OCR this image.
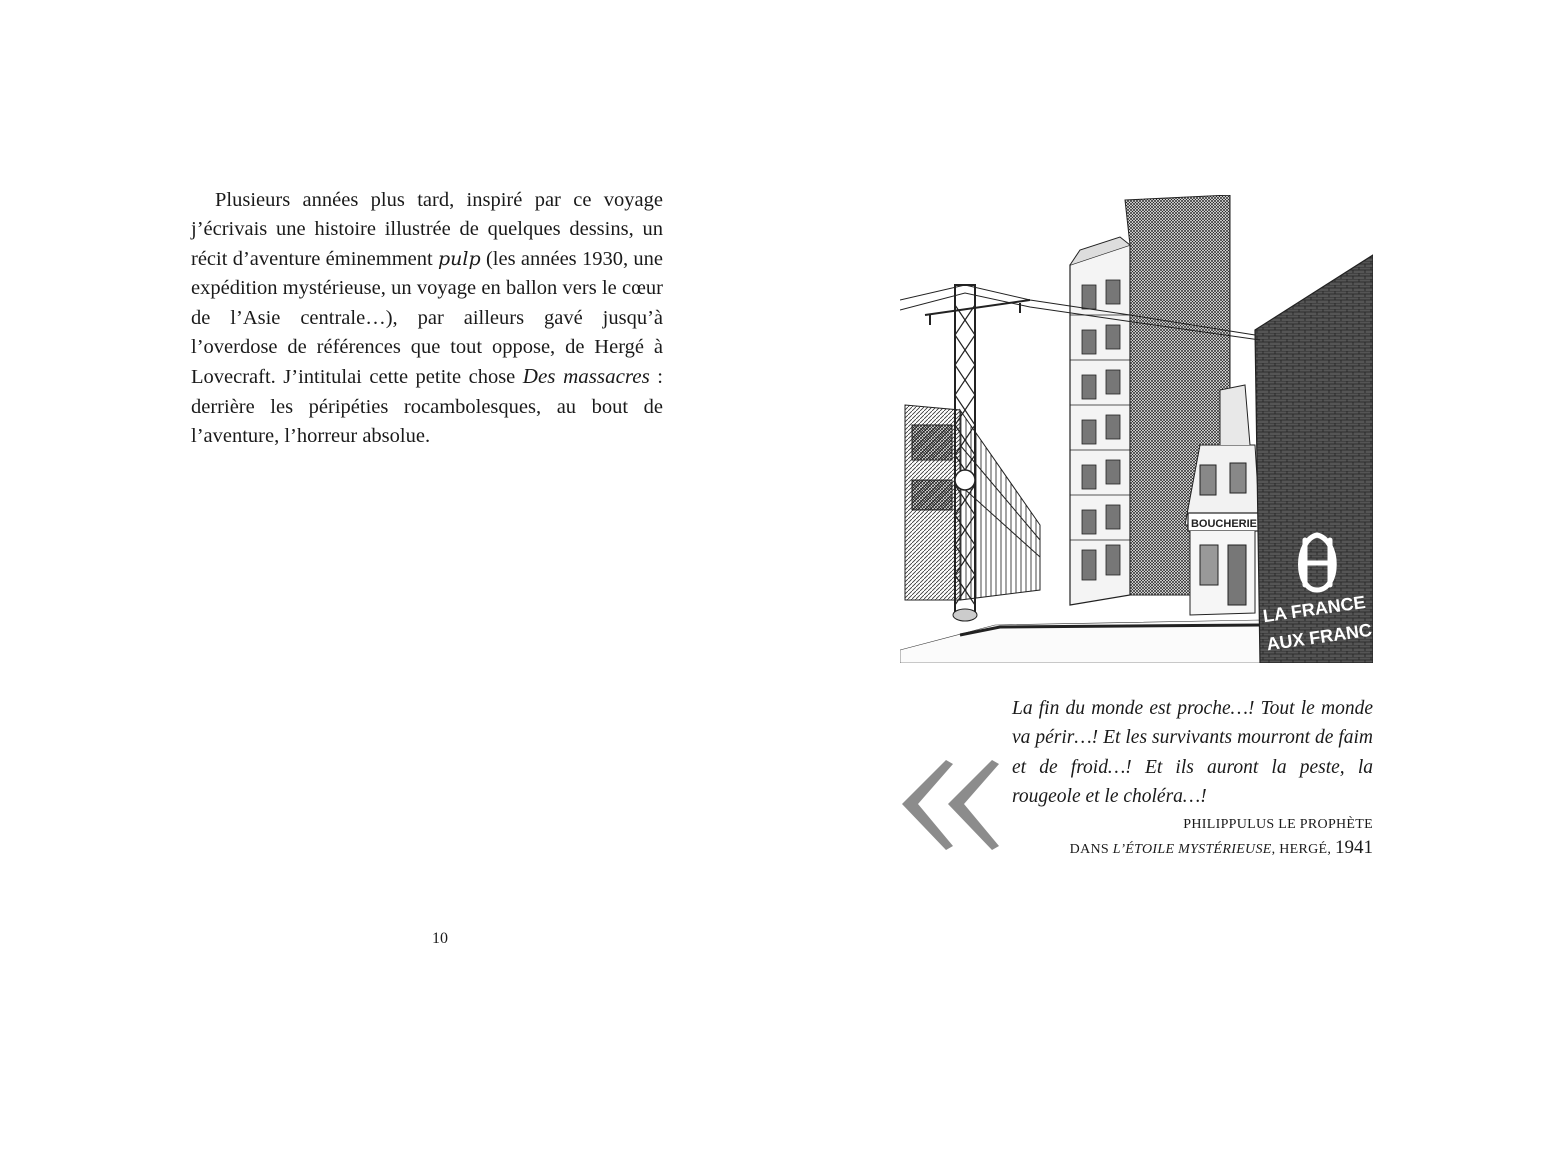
Plusieurs années plus tard, inspiré par ce voyage j’écrivais une histoire illustrée de quelques dessins, un récit d’aventure éminemment pulp (les années 1930, une expédition mystérieuse, un voyage en ballon vers le cœur de l’Asie centrale…), par ailleurs gavé jusqu’à l’overdose de références que tout oppose, de Hergé à Lovecraft. J’intitulai cette petite chose Des massacres : derrière les péripéties rocambolesques, au bout de l’aventure, l’horreur absolue.

10
BOUCHERIE
LA FRANCE
AUX FRANC

La fin du monde est proche…! Tout le monde va périr…! Et les survivants mourront de faim et de froid…! Et ils auront la peste, la rougeole et le choléra…!

PHILIPPULUS LE PROPHÈTE
DANS L’ÉTOILE MYSTÉRIEUSE, HERGÉ, 1941
